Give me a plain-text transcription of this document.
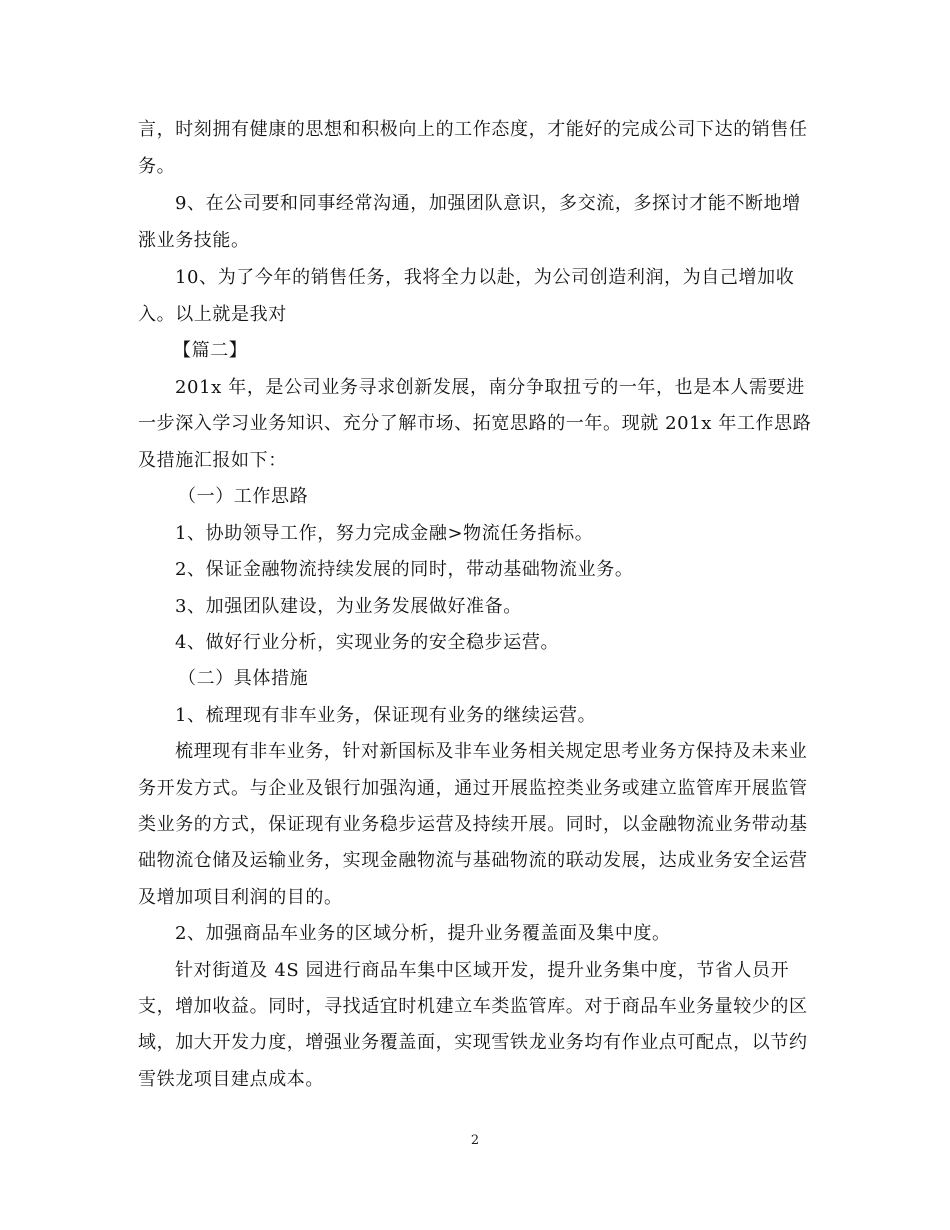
言，时刻拥有健康的思想和积极向上的工作态度，才能好的完成公司下达的销售任
务。
9、在公司要和同事经常沟通，加强团队意识，多交流，多探讨才能不断地增
涨业务技能。
10、为了今年的销售任务，我将全力以赴，为公司创造利润，为自己增加收
入。以上就是我对
【篇二】
201x 年，是公司业务寻求创新发展，南分争取扭亏的一年，也是本人需要进
一步深入学习业务知识、充分了解市场、拓宽思路的一年。现就 201x 年工作思路
及措施汇报如下：
（一）工作思路
1、协助领导工作，努力完成金融>物流任务指标。
2、保证金融物流持续发展的同时，带动基础物流业务。
3、加强团队建设，为业务发展做好准备。
4、做好行业分析，实现业务的安全稳步运营。
（二）具体措施
1、梳理现有非车业务，保证现有业务的继续运营。
梳理现有非车业务，针对新国标及非车业务相关规定思考业务方保持及未来业
务开发方式。与企业及银行加强沟通，通过开展监控类业务或建立监管库开展监管
类业务的方式，保证现有业务稳步运营及持续开展。同时，以金融物流业务带动基
础物流仓储及运输业务，实现金融物流与基础物流的联动发展，达成业务安全运营
及增加项目利润的目的。
2、加强商品车业务的区域分析，提升业务覆盖面及集中度。
针对街道及 4S 园进行商品车集中区域开发，提升业务集中度，节省人员开
支，增加收益。同时，寻找适宜时机建立车类监管库。对于商品车业务量较少的区
域，加大开发力度，增强业务覆盖面，实现雪铁龙业务均有作业点可配点，以节约
雪铁龙项目建点成本。
2
